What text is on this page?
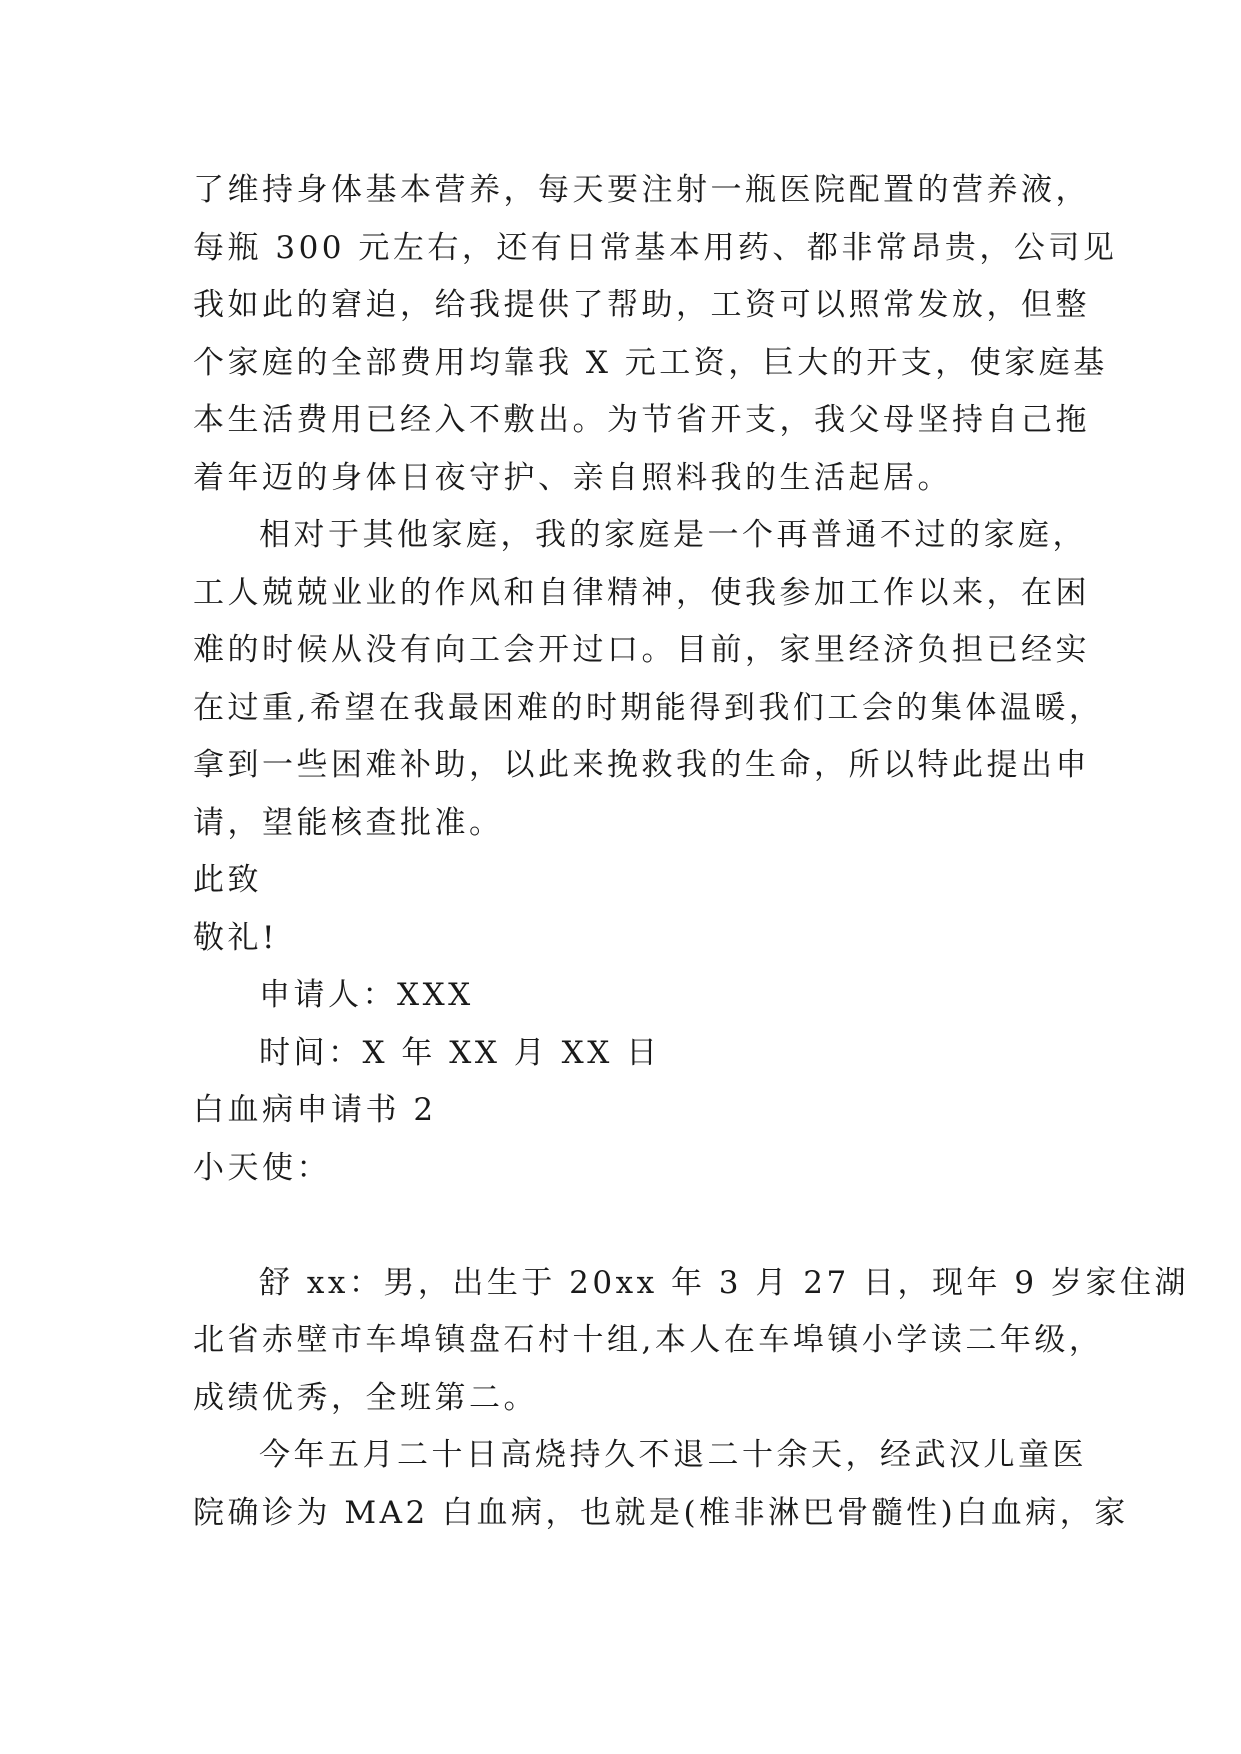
了维持身体基本营养，每天要注射一瓶医院配置的营养液，
每瓶 300 元左右，还有日常基本用药、都非常昂贵，公司见
我如此的窘迫，给我提供了帮助，工资可以照常发放，但整
个家庭的全部费用均靠我 X 元工资，巨大的开支，使家庭基
本生活费用已经入不敷出。为节省开支，我父母坚持自己拖
着年迈的身体日夜守护、亲自照料我的生活起居。
相对于其他家庭，我的家庭是一个再普通不过的家庭，
工人兢兢业业的作风和自律精神，使我参加工作以来，在困
难的时候从没有向工会开过口。目前，家里经济负担已经实
在过重,希望在我最困难的时期能得到我们工会的集体温暖，
拿到一些困难补助，以此来挽救我的生命，所以特此提出申
请，望能核查批准。
此致
敬礼!
申请人：XXX
时间：X 年 XX 月 XX 日
白血病申请书 2
小天使：
舒 xx：男，出生于 20xx 年 3 月 27 日，现年 9 岁家住湖
北省赤壁市车埠镇盘石村十组,本人在车埠镇小学读二年级，
成绩优秀，全班第二。
今年五月二十日高烧持久不退二十余天，经武汉儿童医
院确诊为 MA2 白血病，也就是(椎非淋巴骨髓性)白血病，家
